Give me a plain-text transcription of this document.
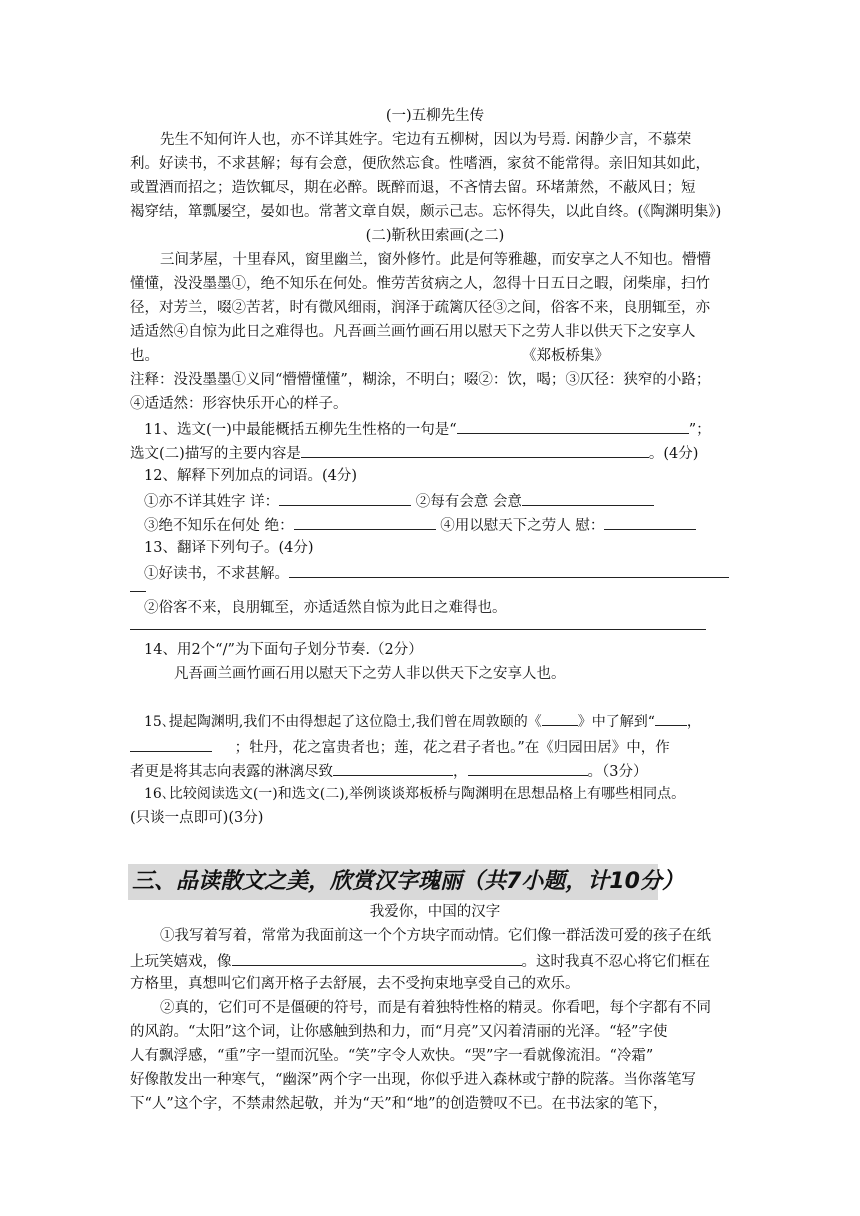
(一)五柳先生传
先生不知何许人也，亦不详其姓字。宅边有五柳树，因以为号焉. 闲静少言，不慕荣
利。好读书，不求甚解；每有会意，便欣然忘食。性嗜酒，家贫不能常得。亲旧知其如此，
或置酒而招之；造饮辄尽，期在必醉。既醉而退，不吝情去留。环堵萧然，不蔽风日；短
褐穿结，箪瓢屡空，晏如也。常著文章自娱，颇示己志。忘怀得失，以此自终。(《陶渊明集》)
(二)靳秋田索画(之二)
三间茅屋，十里春风，窗里幽兰，窗外修竹。此是何等雅趣，而安享之人不知也。懵懵
懂懂，没没墨墨①，绝不知乐在何处。惟劳苦贫病之人，忽得十日五日之暇，闭柴扉，扫竹
径，对芳兰，啜②苦茗，时有微风细雨，润泽于疏篱仄径③之间，俗客不来，良朋辄至，亦
适适然④自惊为此日之难得也。凡吾画兰画竹画石用以慰天下之劳人非以供天下之安享人
也。	《郑板桥集》
注释：没没墨墨①义同“懵懵懂懂”，糊涂，不明白；啜②：饮，喝；③仄径：狭窄的小路；
④适适然：形容快乐开心的样子。
11、选文(一)中最能概括五柳先生性格的一句是“	”；
选文(二)描写的主要内容是	。(4分)
12、解释下列加点的词语。(4分)
①亦不详其姓字 详：	②每有会意 会意
③绝不知乐在何处 绝：	④用以慰天下之劳人 慰：
13、翻译下列句子。(4分)
①好读书，不求甚解。
②俗客不来，良朋辄至，亦适适然自惊为此日之难得也。
14、用2个“/”为下面句子划分节奏.（2分）
凡吾画兰画竹画石用以慰天下之劳人非以供天下之安享人也。
15､提起陶渊明,我们不由得想起了这位隐士,我们曾在周敦颐的《	》中了解到“ ，
；牡丹，花之富贵者也；莲，花之君子者也。”在《归园田居》中，作
者更是将其志向表露的淋漓尽致	，	。（3分）
16､比较阅读选文(一)和选文(二),举例谈谈郑板桥与陶渊明在思想品格上有哪些相同点。
(只谈一点即可)(3分)
三、品读散文之美，欣赏汉字瑰丽（共7小题，计10分）
我爱你，中国的汉字
①我写着写着，常常为我面前这一个个方块字而动情。它们像一群活泼可爱的孩子在纸
上玩笑嬉戏，像	。这时我真不忍心将它们框在
方格里，真想叫它们离开格子去舒展，去不受拘束地享受自己的欢乐。
②真的，它们可不是僵硬的符号，而是有着独特性格的精灵。你看吧，每个字都有不同
的风韵。“太阳”这个词，让你感触到热和力，而“月亮”又闪着清丽的光泽。“轻”字使
人有飘浮感，“重”字一望而沉坠。“笑”字令人欢快。“哭”字一看就像流泪。“冷霜”
好像散发出一种寒气，“幽深”两个字一出现，你似乎进入森林或宁静的院落。当你落笔写
下“人”这个字，不禁肃然起敬，并为“天”和“地”的创造赞叹不已。在书法家的笔下，
